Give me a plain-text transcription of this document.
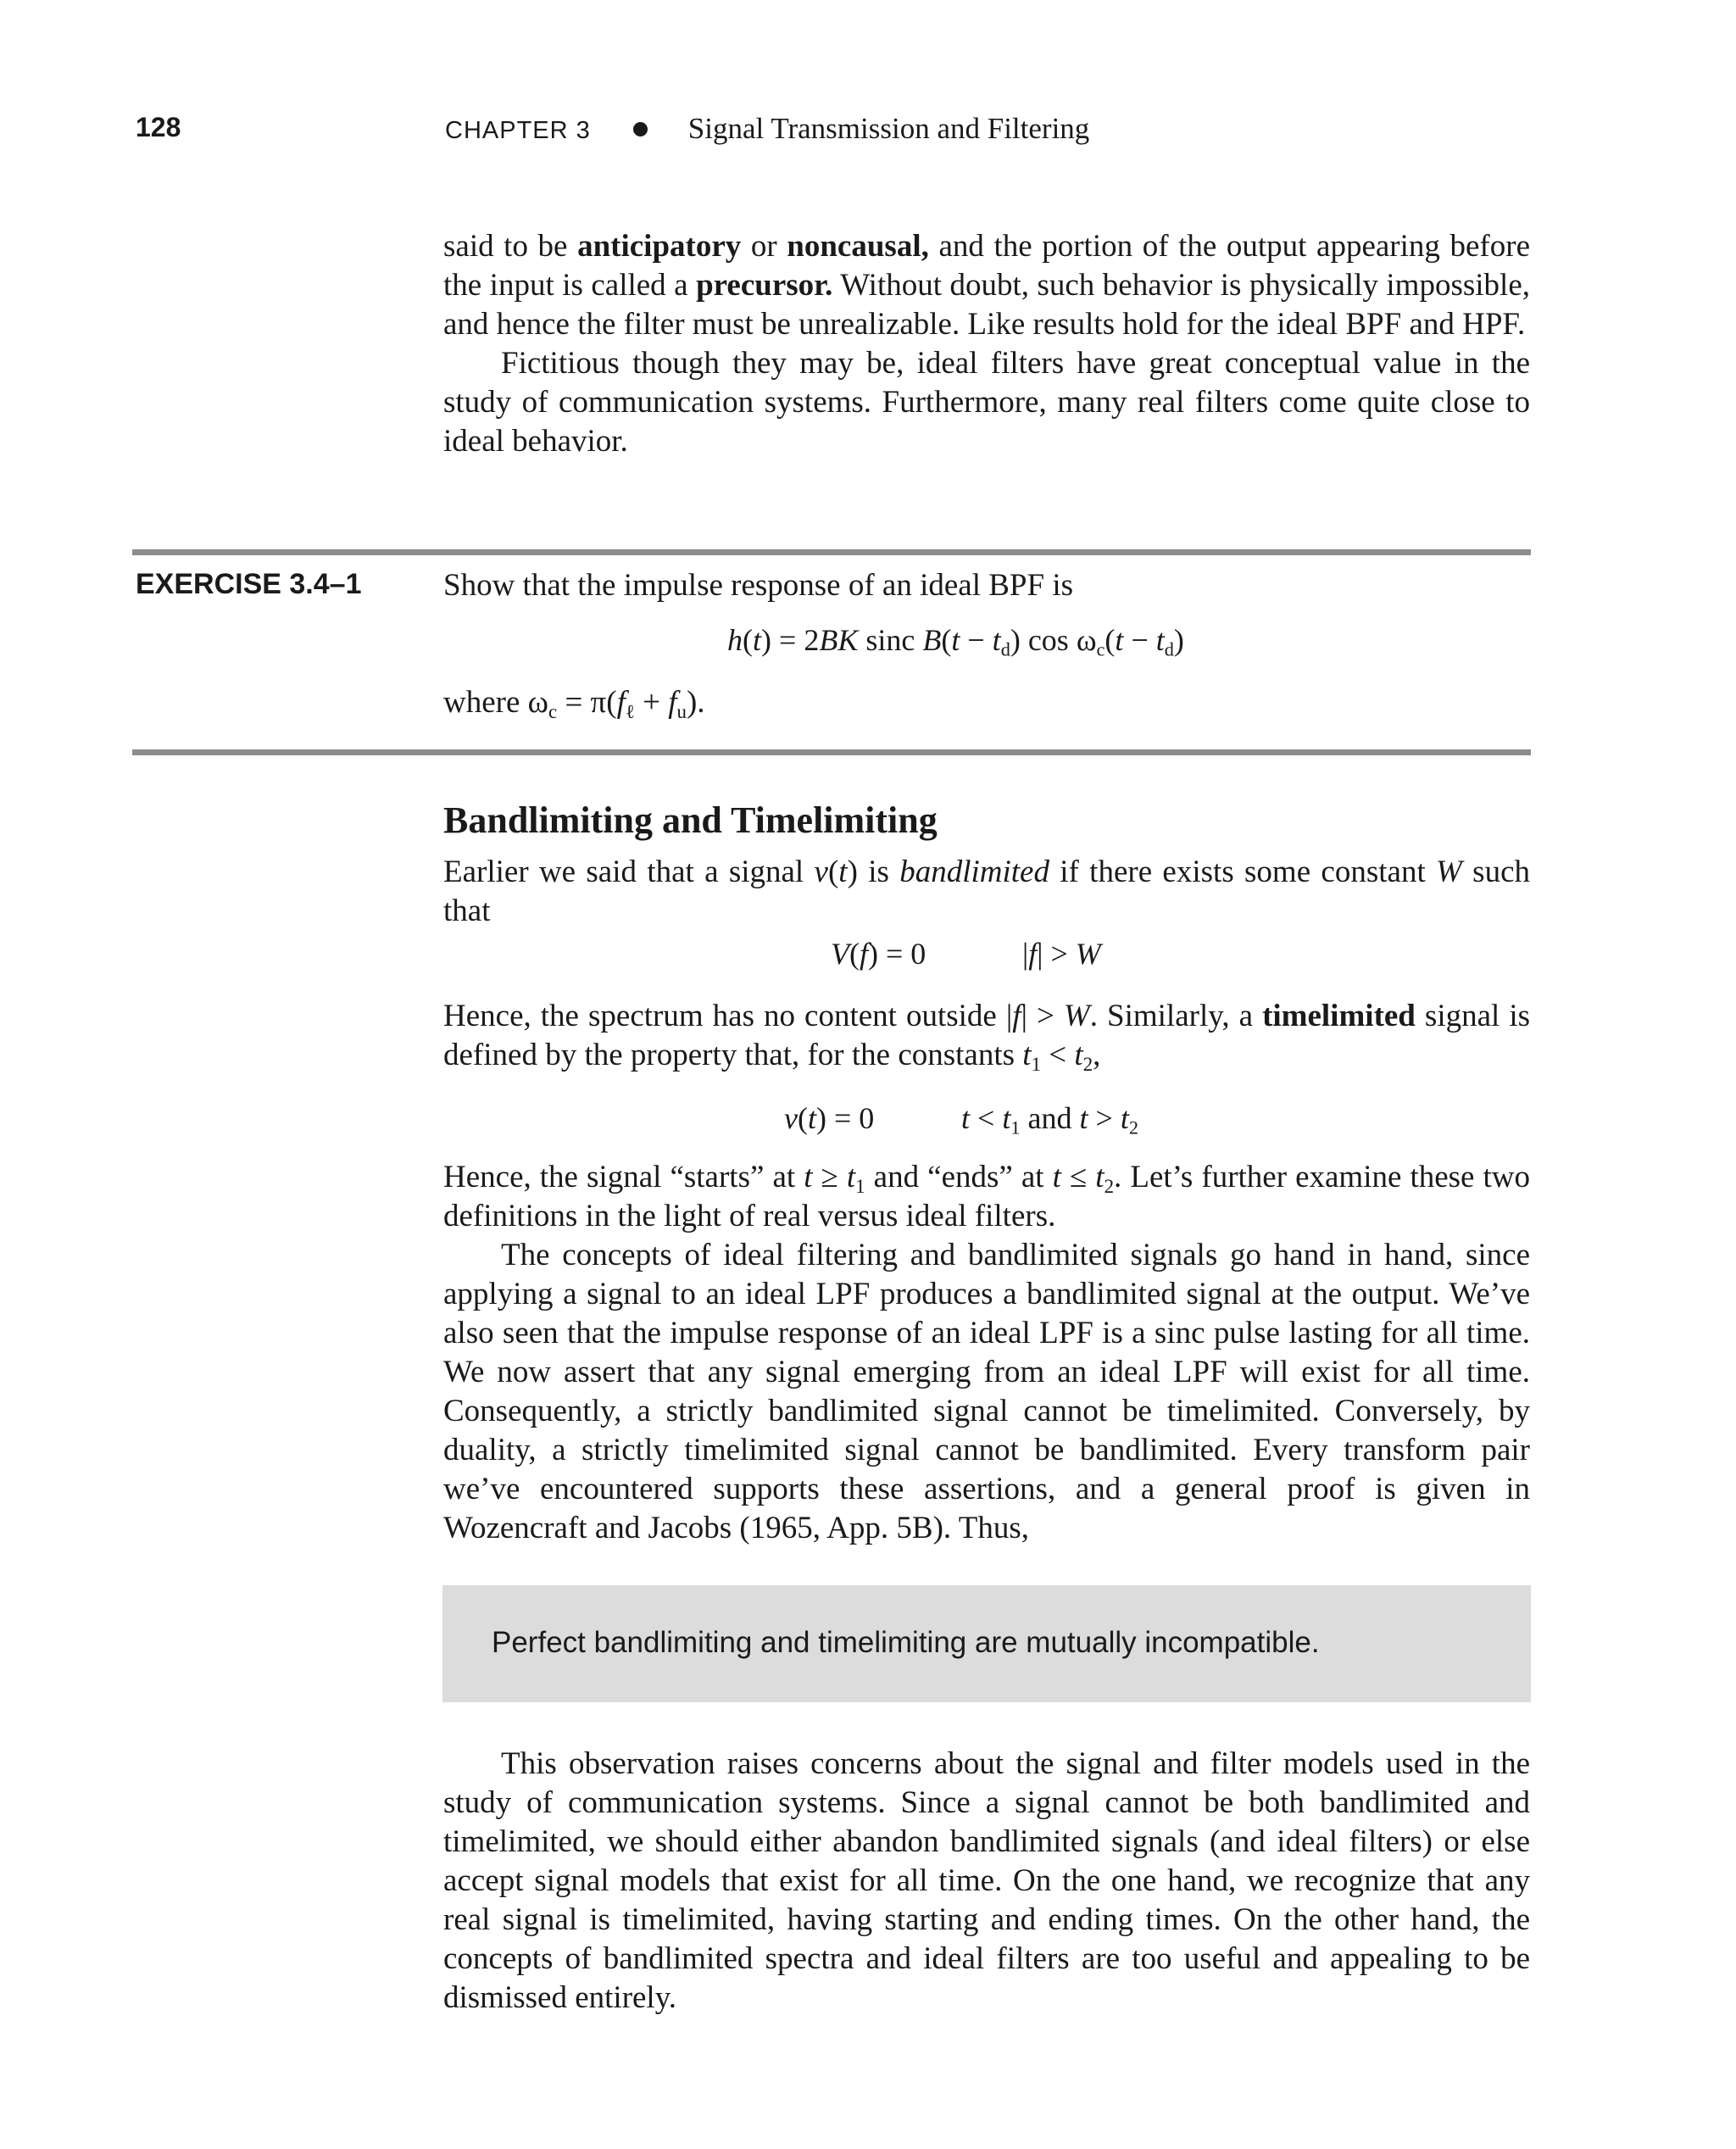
128	CHAPTER 3	Signal Transmission and Filtering

said to be anticipatory or noncausal, and the portion of the output appearing before the input is called a precursor. Without doubt, such behavior is physically impossible, and hence the filter must be unrealizable. Like results hold for the ideal BPF and HPF.

Fictitious though they may be, ideal filters have great conceptual value in the study of communication systems. Furthermore, many real filters come quite close to ideal behavior.

EXERCISE 3.4–1	Show that the impulse response of an ideal BPF is
h(t) = 2BK sinc $B(t - t_d)$ $\cos \omega_c(t - t_d)$
where $\omega_c = \pi(f_\ell + f_u)$.
Bandlimiting and Timelimiting
Earlier we said that a signal v(t) is bandlimited if there exists some constant W such that
V(f) = 0	|f| > W
Hence, the spectrum has no content outside |f| > W. Similarly, a timelimited signal is defined by the property that, for the constants $t_1 < t_2$,
v(t) = 0	$t < t_1$ and $t > t_2$

Hence, the signal “starts” at $t \ge t_1$ and “ends” at $t \le t_2$. Let’s further examine these two definitions in the light of real versus ideal filters.

The concepts of ideal filtering and bandlimited signals go hand in hand, since applying a signal to an ideal LPF produces a bandlimited signal at the output. We’ve also seen that the impulse response of an ideal LPF is a sinc pulse lasting for all time. We now assert that any signal emerging from an ideal LPF will exist for all time. Consequently, a strictly bandlimited signal cannot be timelimited. Conversely, by duality, a strictly timelimited signal cannot be bandlimited. Every transform pair we’ve encountered supports these assertions, and a general proof is given in Wozencraft and Jacobs (1965, App. 5B). Thus,

Perfect bandlimiting and timelimiting are mutually incompatible.

This observation raises concerns about the signal and filter models used in the study of communication systems. Since a signal cannot be both bandlimited and timelimited, we should either abandon bandlimited signals (and ideal filters) or else accept signal models that exist for all time. On the one hand, we recognize that any real signal is timelimited, having starting and ending times. On the other hand, the concepts of bandlimited spectra and ideal filters are too useful and appealing to be dismissed entirely.
